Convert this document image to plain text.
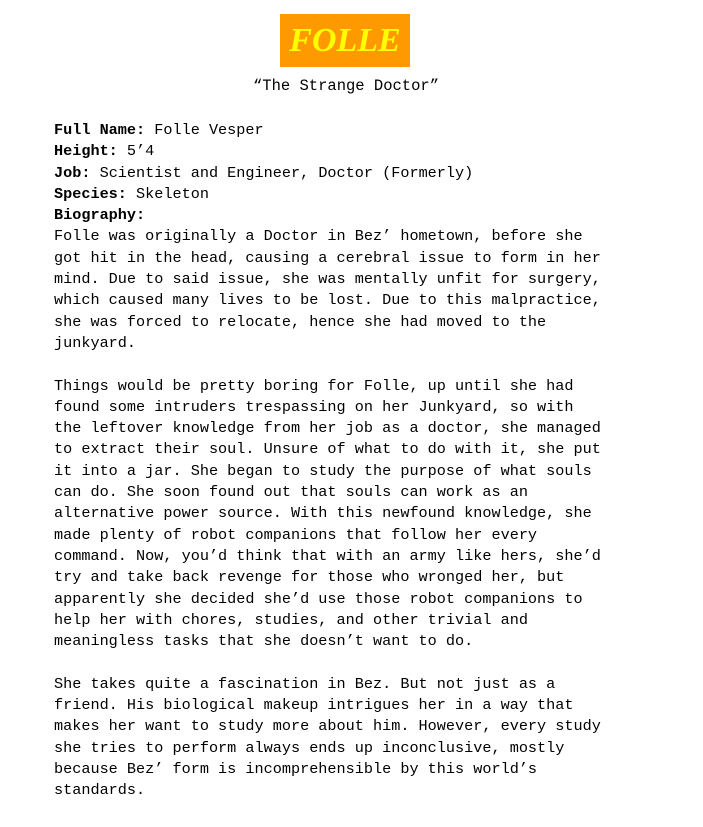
FOLLE
“The Strange Doctor”
Full Name: Folle Vesper
Height: 5’4
Job: Scientist and Engineer, Doctor (Formerly)
Species: Skeleton
Biography:
Folle was originally a Doctor in Bez’ hometown, before she
got hit in the head, causing a cerebral issue to form in her
mind. Due to said issue, she was mentally unfit for surgery,
which caused many lives to be lost. Due to this malpractice,
she was forced to relocate, hence she had moved to the
junkyard.
Things would be pretty boring for Folle, up until she had
found some intruders trespassing on her Junkyard, so with
the leftover knowledge from her job as a doctor, she managed
to extract their soul. Unsure of what to do with it, she put
it into a jar. She began to study the purpose of what souls
can do. She soon found out that souls can work as an
alternative power source. With this newfound knowledge, she
made plenty of robot companions that follow her every
command. Now, you’d think that with an army like hers, she’d
try and take back revenge for those who wronged her, but
apparently she decided she’d use those robot companions to
help her with chores, studies, and other trivial and
meaningless tasks that she doesn’t want to do.
She takes quite a fascination in Bez. But not just as a
friend. His biological makeup intrigues her in a way that
makes her want to study more about him. However, every study
she tries to perform always ends up inconclusive, mostly
because Bez’ form is incomprehensible by this world’s
standards.
